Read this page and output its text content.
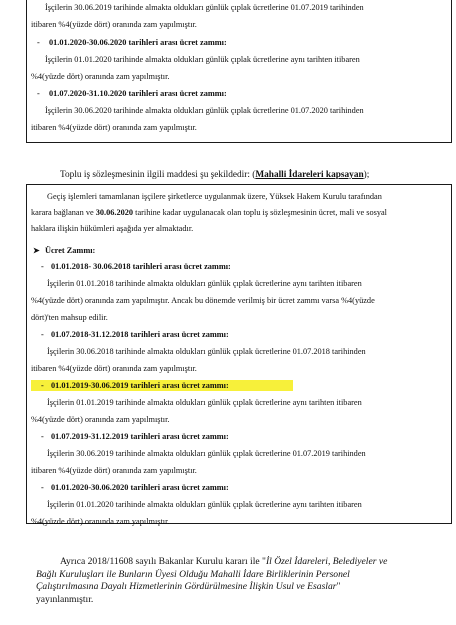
İşçilerin 30.06.2019 tarihinde almakta oldukları günlük çıplak ücretlerine 01.07.2019 tarihinden
itibaren %4(yüzde dört) oranında zam yapılmıştır.
- 01.01.2020-30.06.2020 tarihleri arası ücret zammı:
İşçilerin 01.01.2020 tarihinde almakta oldukları günlük çıplak ücretlerine aynı tarihten itibaren
%4(yüzde dört) oranında zam yapılmıştır.
- 01.07.2020-31.10.2020 tarihleri arası ücret zammı:
İşçilerin 30.06.2020 tarihinde almakta oldukları günlük çıplak ücretlerine 01.07.2020 tarihinden
itibaren %4(yüzde dört) oranında zam yapılmıştır.
Toplu iş sözleşmesinin ilgili maddesi şu şekildedir: (Mahalli İdareleri kapsayan);
Geçiş işlemleri tamamlanan işçilere şirketlerce uygulanmak üzere, Yüksek Hakem Kurulu tarafından
karara bağlanan ve 30.06.2020 tarihine kadar uygulanacak olan toplu iş sözleşmesinin ücret, mali ve sosyal
haklara ilişkin hükümleri aşağıda yer almaktadır.
➤ Ücret Zammı:
- 01.01.2018- 30.06.2018 tarihleri arası ücret zammı:
İşçilerin 01.01.2018 tarihinde almakta oldukları günlük çıplak ücretlerine aynı tarihten itibaren
%4(yüzde dört) oranında zam yapılmıştır. Ancak bu dönemde verilmiş bir ücret zammı varsa %4(yüzde
dört)'ten mahsup edilir.
- 01.07.2018-31.12.2018 tarihleri arası ücret zammı:
İşçilerin 30.06.2018 tarihinde almakta oldukları günlük çıplak ücretlerine 01.07.2018 tarihinden
itibaren %4(yüzde dört) oranında zam yapılmıştır.
- 01.01.2019-30.06.2019 tarihleri arası ücret zammı:
İşçilerin 01.01.2019 tarihinde almakta oldukları günlük çıplak ücretlerine aynı tarihten itibaren
%4(yüzde dört) oranında zam yapılmıştır.
- 01.07.2019-31.12.2019 tarihleri arası ücret zammı:
İşçilerin 30.06.2019 tarihinde almakta oldukları günlük çıplak ücretlerine 01.07.2019 tarihinden
itibaren %4(yüzde dört) oranında zam yapılmıştır.
- 01.01.2020-30.06.2020 tarihleri arası ücret zammı:
İşçilerin 01.01.2020 tarihinde almakta oldukları günlük çıplak ücretlerine aynı tarihten itibaren
%4(yüzde dört) oranında zam yapılmıştır.
Ayrıca 2018/11608 sayılı Bakanlar Kurulu kararı ile "İl Özel İdareleri, Belediyeler ve
Bağlı Kuruluşları ile Bunların Üyesi Olduğu Mahalli İdare Birliklerinin Personel
Çalıştırılmasına Dayalı Hizmetlerinin Gördürülmesine İlişkin Usul ve Esaslar"
yayınlanmıştır.
